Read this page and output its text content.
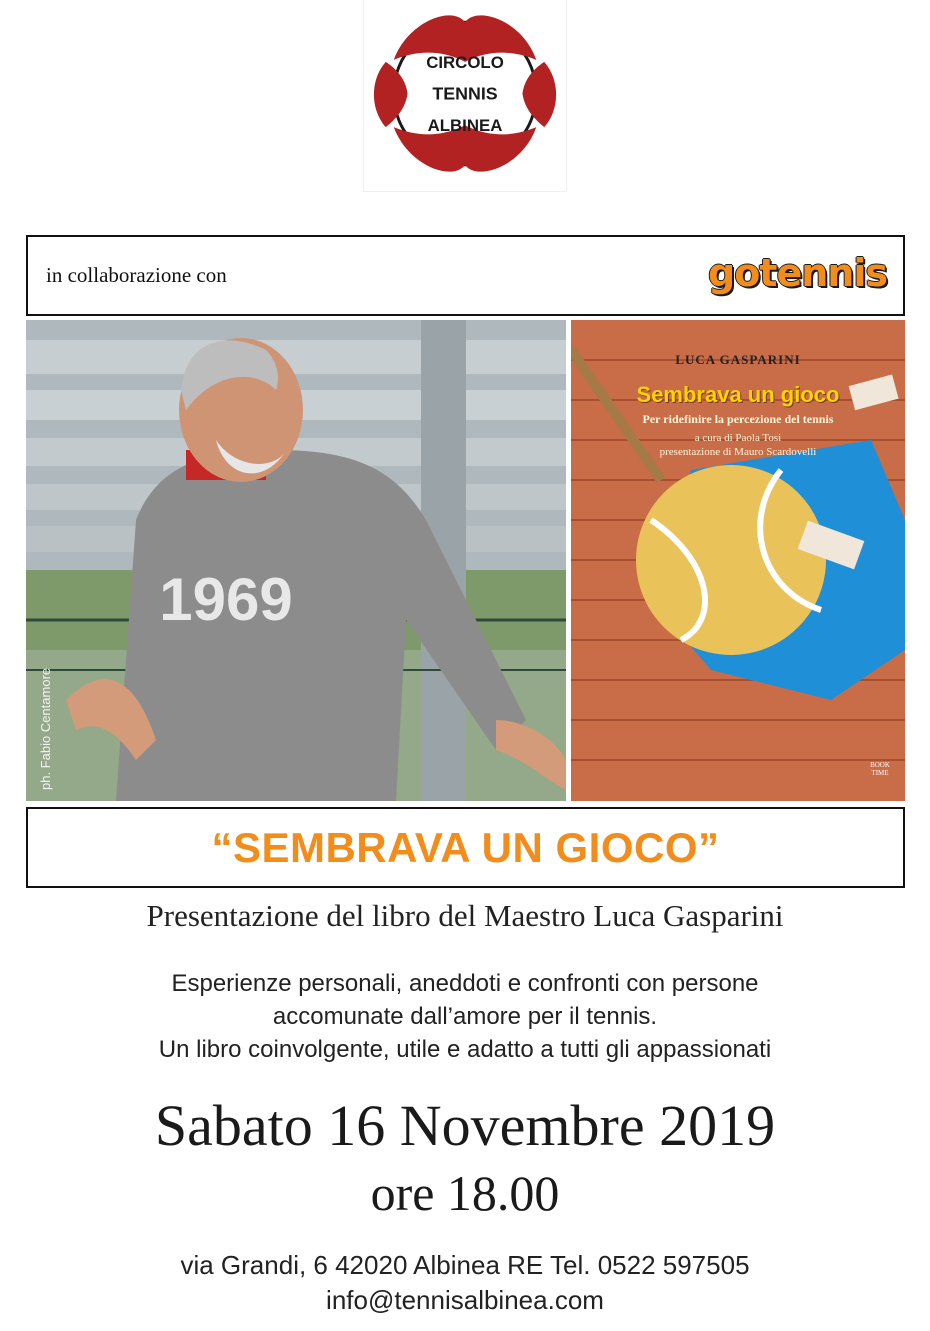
CIRCOLO
TENNIS
ALBINEA
in collaborazione con	gotennis
1969
ph. Fabio Centamore
LUCA GASPARINI
Sembrava un gioco
Per ridefinire la percezione del tennis
a cura di Paola Tosi
presentazione di Mauro Scardovelli
BOOK TIME
“SEMBRAVA UN GIOCO”
Presentazione del libro del Maestro Luca Gasparini
Esperienze personali, aneddoti e confronti con persone
accomunate dall’amore per il tennis.
Un libro coinvolgente, utile e adatto a tutti gli appassionati
Sabato 16 Novembre 2019
ore 18.00
via Grandi, 6 42020 Albinea RE Tel. 0522 597505
info@tennisalbinea.com
